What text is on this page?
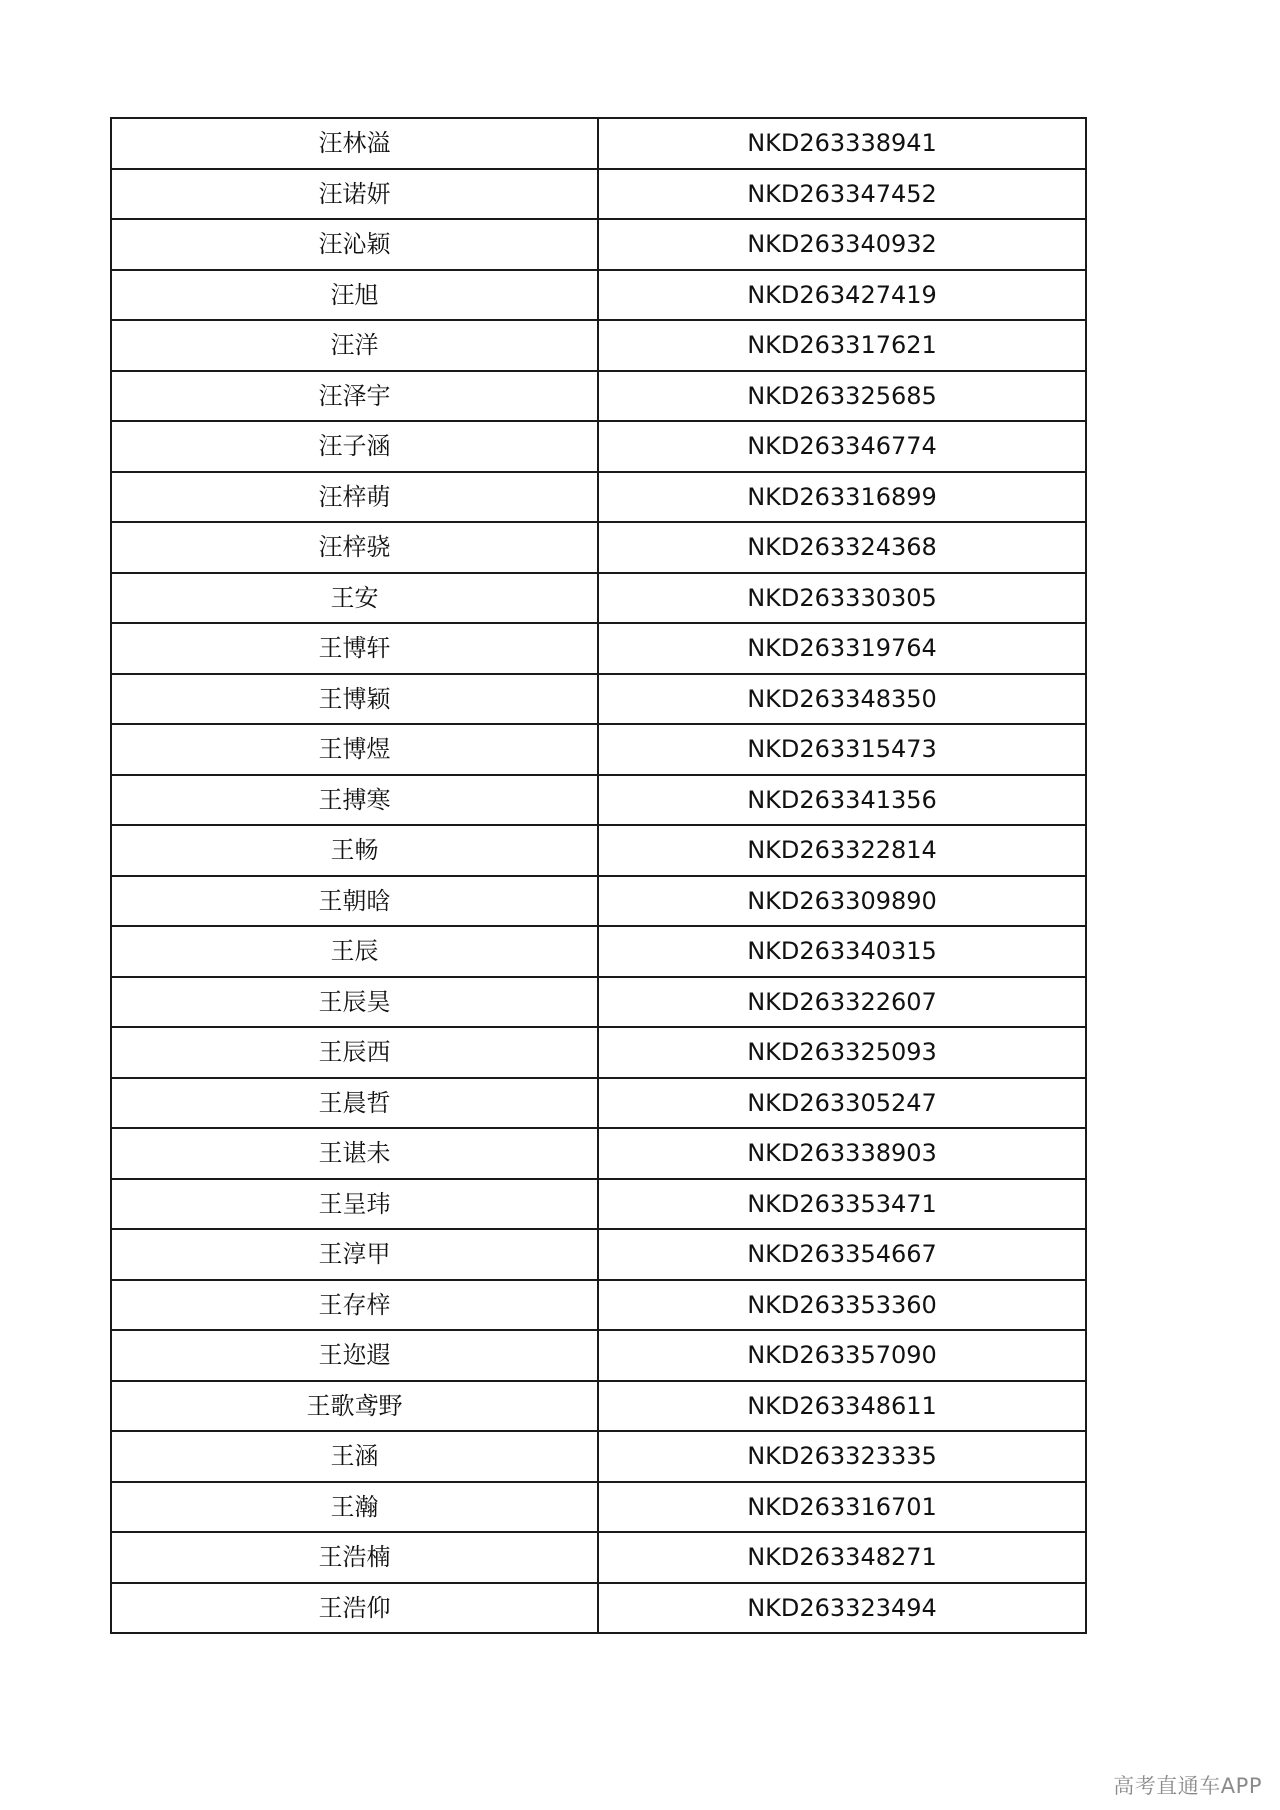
汪林溢	NKD263338941
汪诺妍	NKD263347452
汪沁颖	NKD263340932
汪旭	NKD263427419
汪洋	NKD263317621
汪泽宇	NKD263325685
汪子涵	NKD263346774
汪梓萌	NKD263316899
汪梓骁	NKD263324368
王安	NKD263330305
王博轩	NKD263319764
王博颖	NKD263348350
王博煜	NKD263315473
王搏寒	NKD263341356
王畅	NKD263322814
王朝晗	NKD263309890
王辰	NKD263340315
王辰昊	NKD263322607
王辰西	NKD263325093
王晨哲	NKD263305247
王谌未	NKD263338903
王呈玮	NKD263353471
王淳甲	NKD263354667
王存梓	NKD263353360
王迩遐	NKD263357090
王歌鸢野	NKD263348611
王涵	NKD263323335
王瀚	NKD263316701
王浩楠	NKD263348271
王浩仰	NKD263323494
高考直通车APP
